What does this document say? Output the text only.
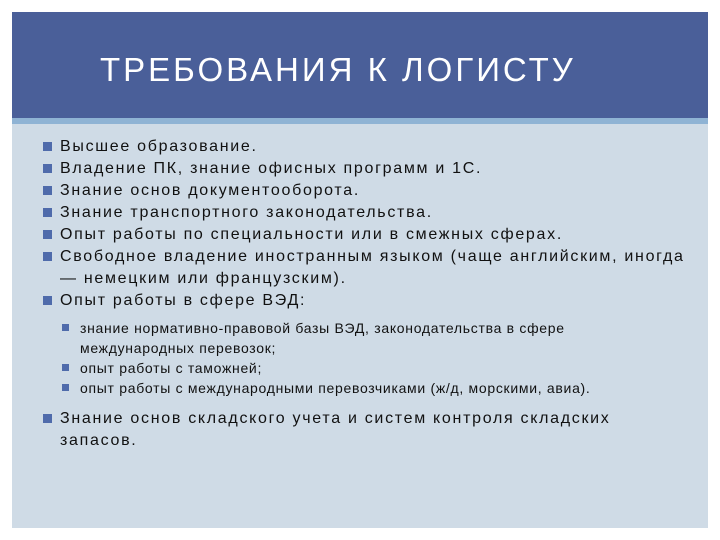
ТРЕБОВАНИЯ К ЛОГИСТУ
Высшее образование.
Владение ПК, знание офисных программ и 1С.
Знание основ документооборота.
Знание транспортного законодательства.
Опыт работы по специальности или в смежных сферах.
Свободное владение иностранным языком (чаще английским, иногда — немецким или французским).
Опыт работы в сфере ВЭД:
знание нормативно-правовой базы ВЭД, законодательства в сфере международных перевозок;
опыт работы с таможней;
опыт работы с международными перевозчиками (ж/д, морскими, авиа).
Знание основ складского учета и систем контроля складских запасов.
